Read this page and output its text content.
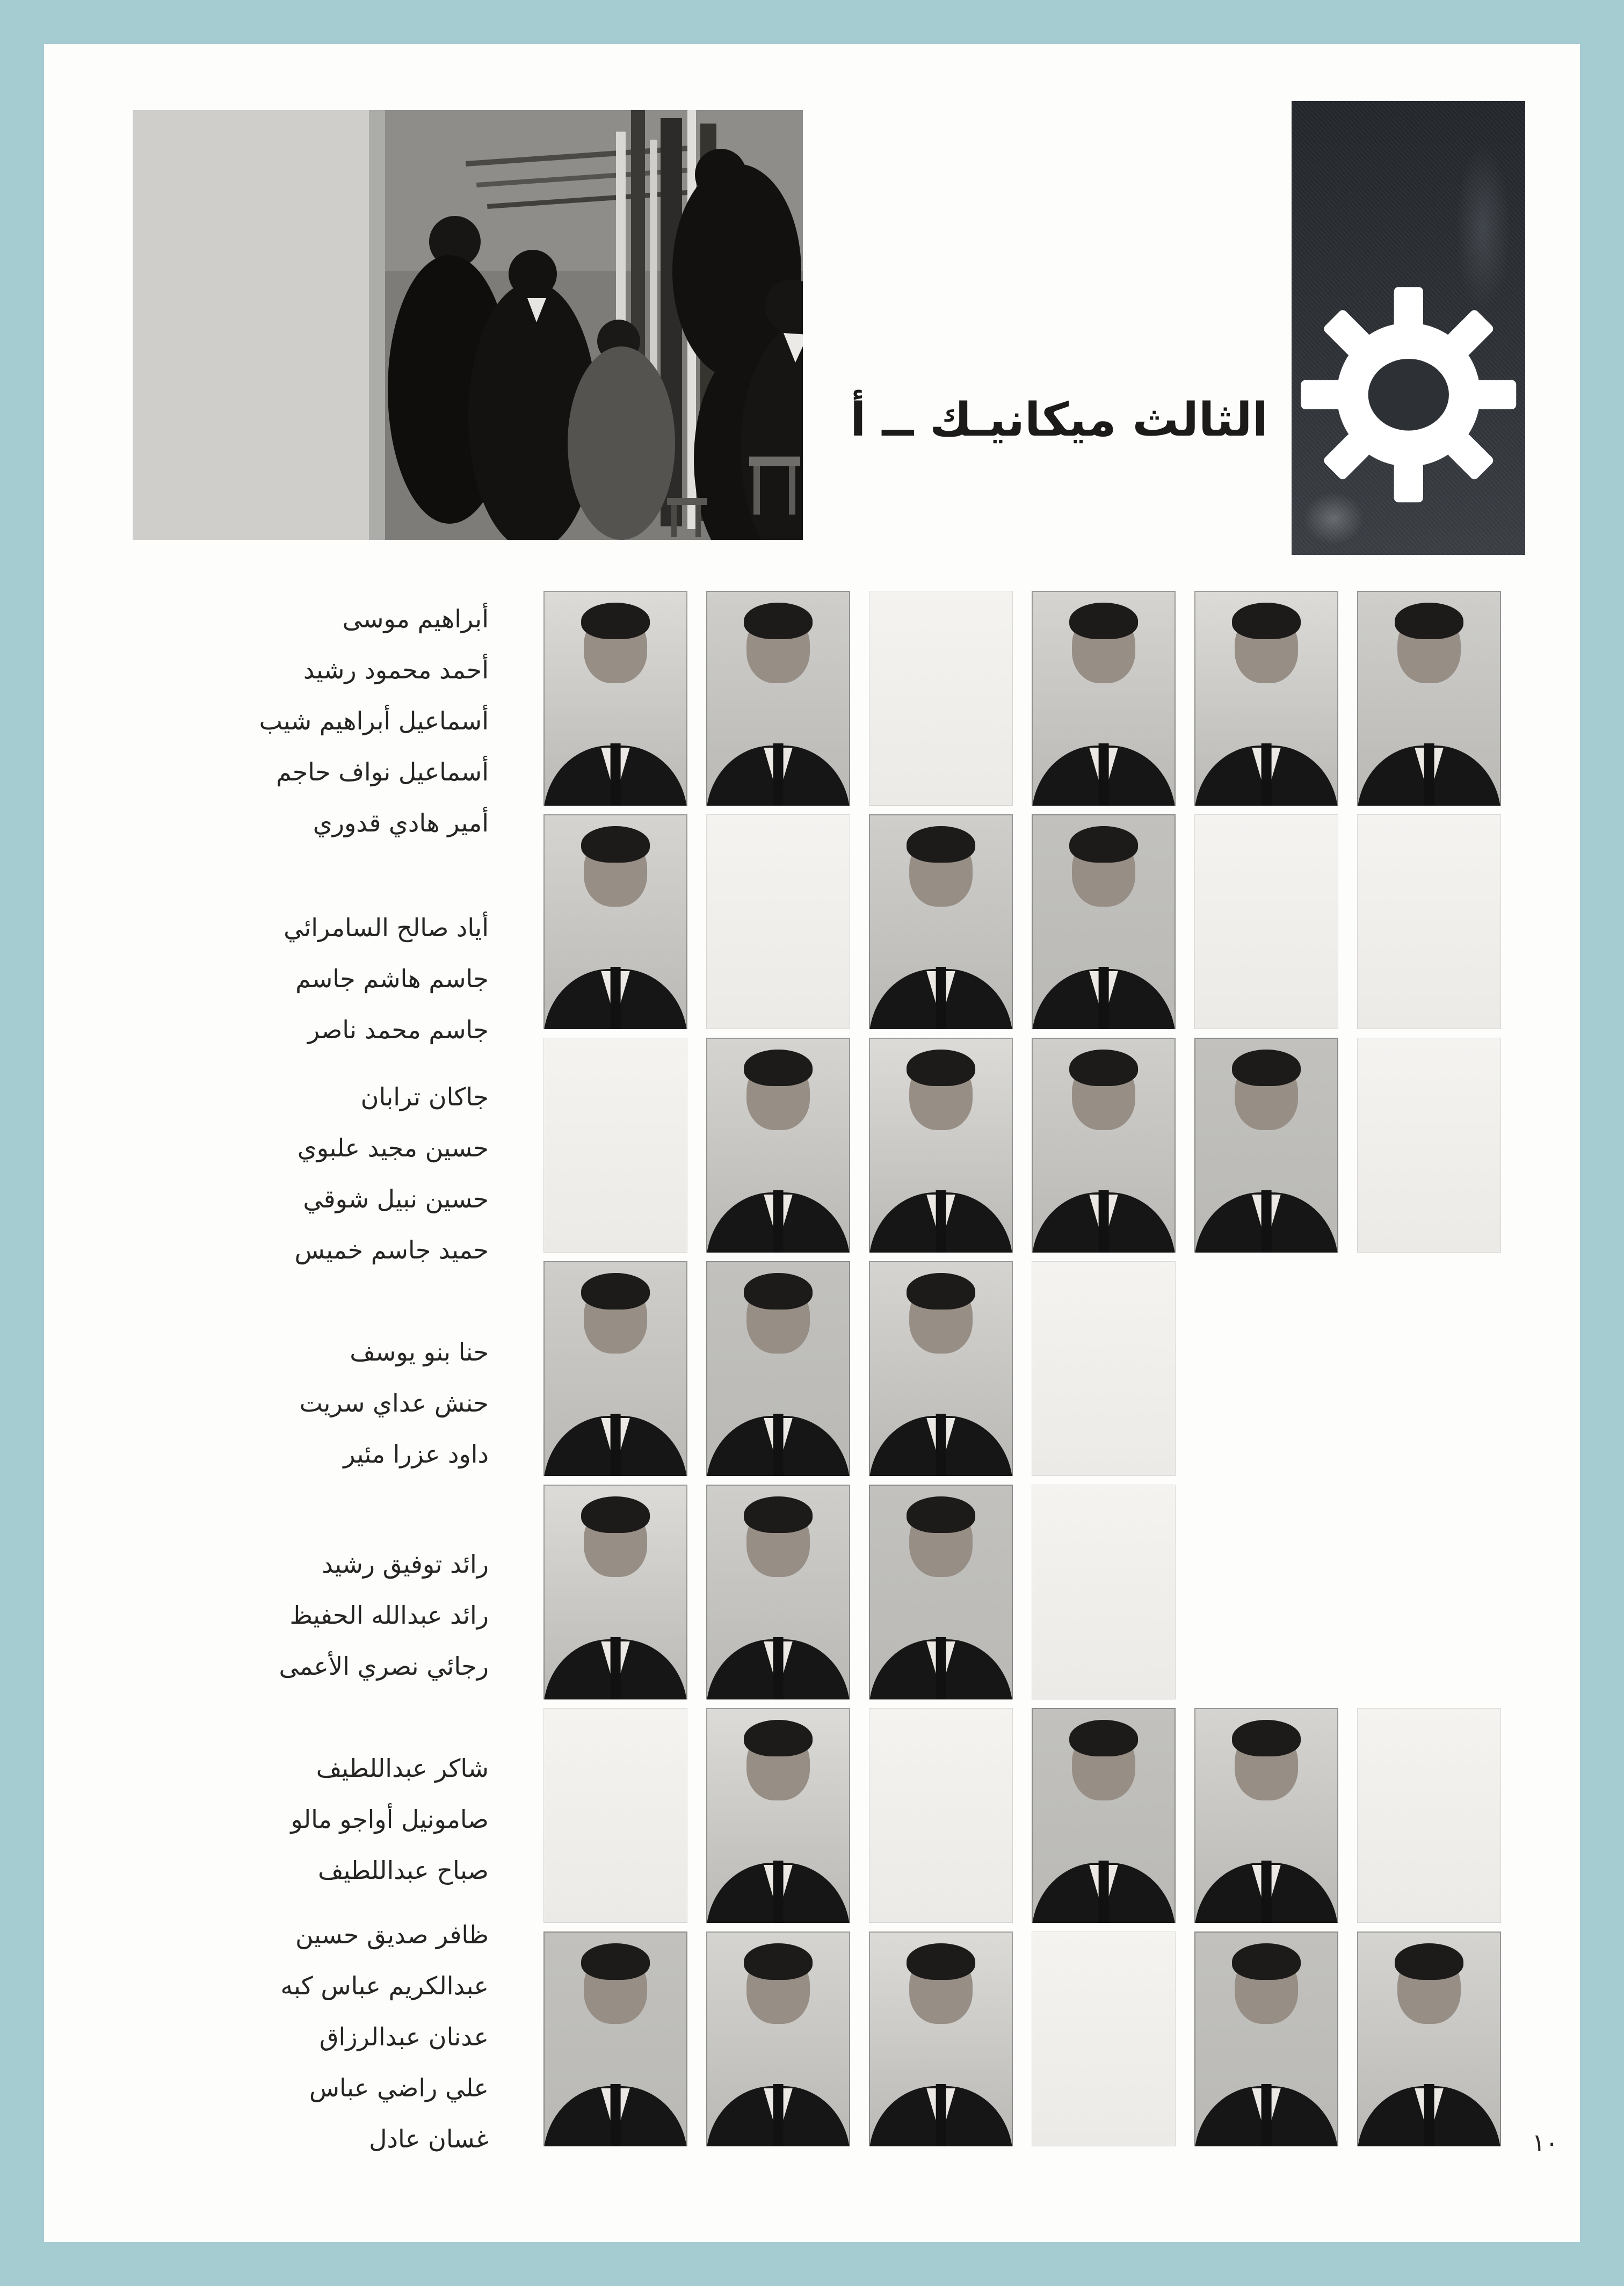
الثالث ميكانيـك ــ أ
أبراهيم موسى
أحمد محمود رشيد
أسماعيل أبراهيم شيب
أسماعيل نواف حاجم
أمير هادي قدوري
أياد صالح السامرائي
جاسم هاشم جاسم
جاسم محمد ناصر
جاكان ترابان
حسين مجيد علبوي
حسين نبيل شوقي
حميد جاسم خميس
حنا بنو يوسف
حنش عداي سريت
داود عزرا مئير
رائد توفيق رشيد
رائد عبدالله الحفيظ
رجائي نصري الأعمى
شاكر عبداللطيف
صامونيل أواجو مالو
صباح عبداللطيف
ظافر صديق حسين
عبدالكريم عباس كبه
عدنان عبدالرزاق
علي راضي عباس
غسان عادل	١٠
